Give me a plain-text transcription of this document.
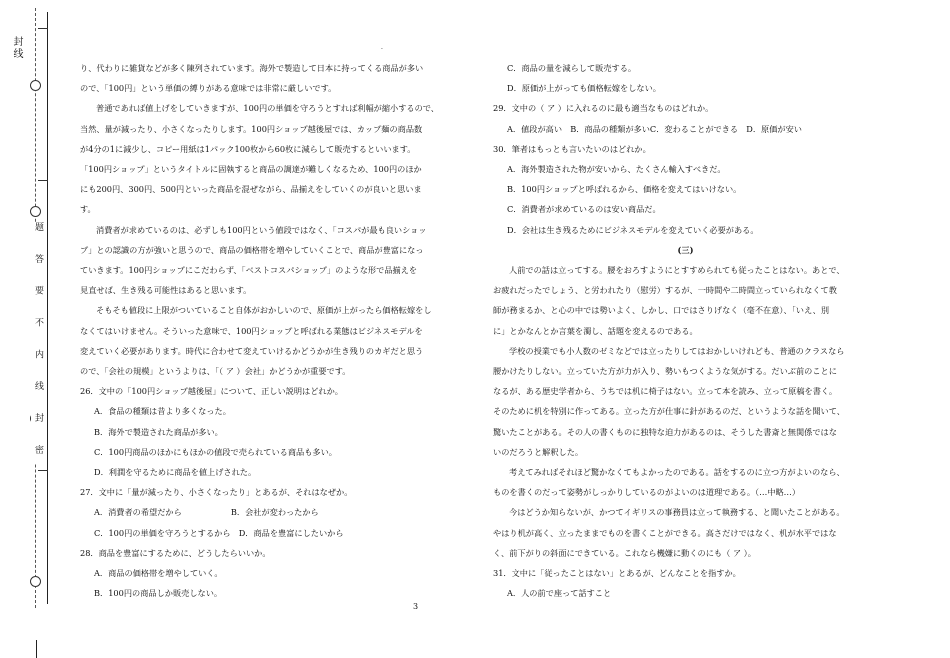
封线
题 答 要 不 内 线 封 密
·

り、代わりに雑貨などが多く陳列されています。海外で製造して日本に持ってくる商品が多い

ので、「100円」という単価の縛りがある意味では非常に厳しいです。

普通であれば値上げをしていきますが、100円の単価を守ろうとすれば利幅が縮小するので、

当然、量が減ったり、小さくなったりします。100円ショップ越後屋では、カップ麺の商品数

が4分の1に減少し、コピー用紙は1パック100枚から60枚に減らして販売するといいます。

「100円ショップ」というタイトルに固執すると商品の調達が難しくなるため、100円のほか

にも200円、300円、500円といった商品を混ぜながら、品揃えをしていくのが良いと思いま

す。

消費者が求めているのは、必ずしも100円という値段ではなく、「コスパが最も良いショッ

プ」との認識の方が強いと思うので、商品の価格帯を増やしていくことで、商品が豊富になっ

ていきます。100円ショップにこだわらず、「ベストコスパショップ」のような形で品揃えを

見直せば、生き残る可能性はあると思います。

そもそも値段に上限がついていること自体がおかしいので、原価が上がったら価格転嫁をし

なくてはいけません。そういった意味で、100円ショップと呼ばれる業態はビジネスモデルを

変えていく必要があります。時代に合わせて変えていけるかどうかが生き残りのカギだと思う

ので、「会社の規模」というよりは、「（ ア ）会社」かどうかが重要です。

26．文中の「100円ショップ越後屋」について、正しい説明はどれか。

A．食品の種類は昔より多くなった。

B．海外で製造された商品が多い。

C．100円商品のほかにもほかの値段で売られている商品も多い。

D．利潤を守るために商品を値上げされた。

27．文中に「量が減ったり、小さくなったり」とあるが、それはなぜか。

A．消費者の希望だから　　　　　　B．会社が変わったから

C．100円の単価を守ろうとするから　D．商品を豊富にしたいから

28．商品を豊富にするために、どうしたらいいか。

A．商品の価格帯を増やしていく。

B．100円の商品しか販売しない。

C．商品の量を減らして販売する。

D．原価が上がっても価格転嫁をしない。

29．文中の（ ア ）に入れるのに最も適当なものはどれか。

A．値段が高い　B．商品の種類が多いC．変わることができる　D．原価が安い

30．筆者はもっとも言いたいのはどれか。

A．海外製造された物が安いから、たくさん輸入すべきだ。

B．100円ショップと呼ばれるから、価格を変えてはいけない。

C．消費者が求めているのは安い商品だ。

D．会社は生き残るためにビジネスモデルを変えていく必要がある。

(三)

人前での話は立ってする。腰をおろすようにとすすめられても従ったことはない。あとで、

お疲れだったでしょう、と労われたり（慰労）するが、一時間や二時間立っていられなくて教

師が務まるか、と心の中では勢いよく、しかし、口ではさりげなく（毫不在意）、「いえ、別

に」とかなんとか言葉を濁し、話題を変えるのである。

学校の授業でも小人数のゼミなどでは立ったりしてはおかしいけれども、普通のクラスなら

腰かけたりしない。立っていた方が力が入り、勢いもつくような気がする。だいぶ前のことに

なるが、ある歴史学者から、うちでは机に椅子はない。立って本を読み、立って原稿を書く。

そのために机を特別に作ってある。立った方が仕事に針があるのだ、というような話を聞いて、

驚いたことがある。その人の書くものに独特な迫力があるのは、そうした書斎と無関係ではな

いのだろうと解釈した。

考えてみればそれほど驚かなくてもよかったのである。話をするのに立つ方がよいのなら、

ものを書くのだって姿勢がしっかりしているのがよいのは道理である。（…中略…）

今はどうか知らないが、かつてイギリスの事務員は立って執務する、と聞いたことがある。

やはり机が高く、立ったままでものを書くことができる。高さだけではなく、机が水平ではな

く、前下がりの斜面にできている。これなら機嫌に動くのにも（ ア ）。

31．文中に「従ったことはない」とあるが、どんなことを指すか。

A．人の前で座って話すこと

3
